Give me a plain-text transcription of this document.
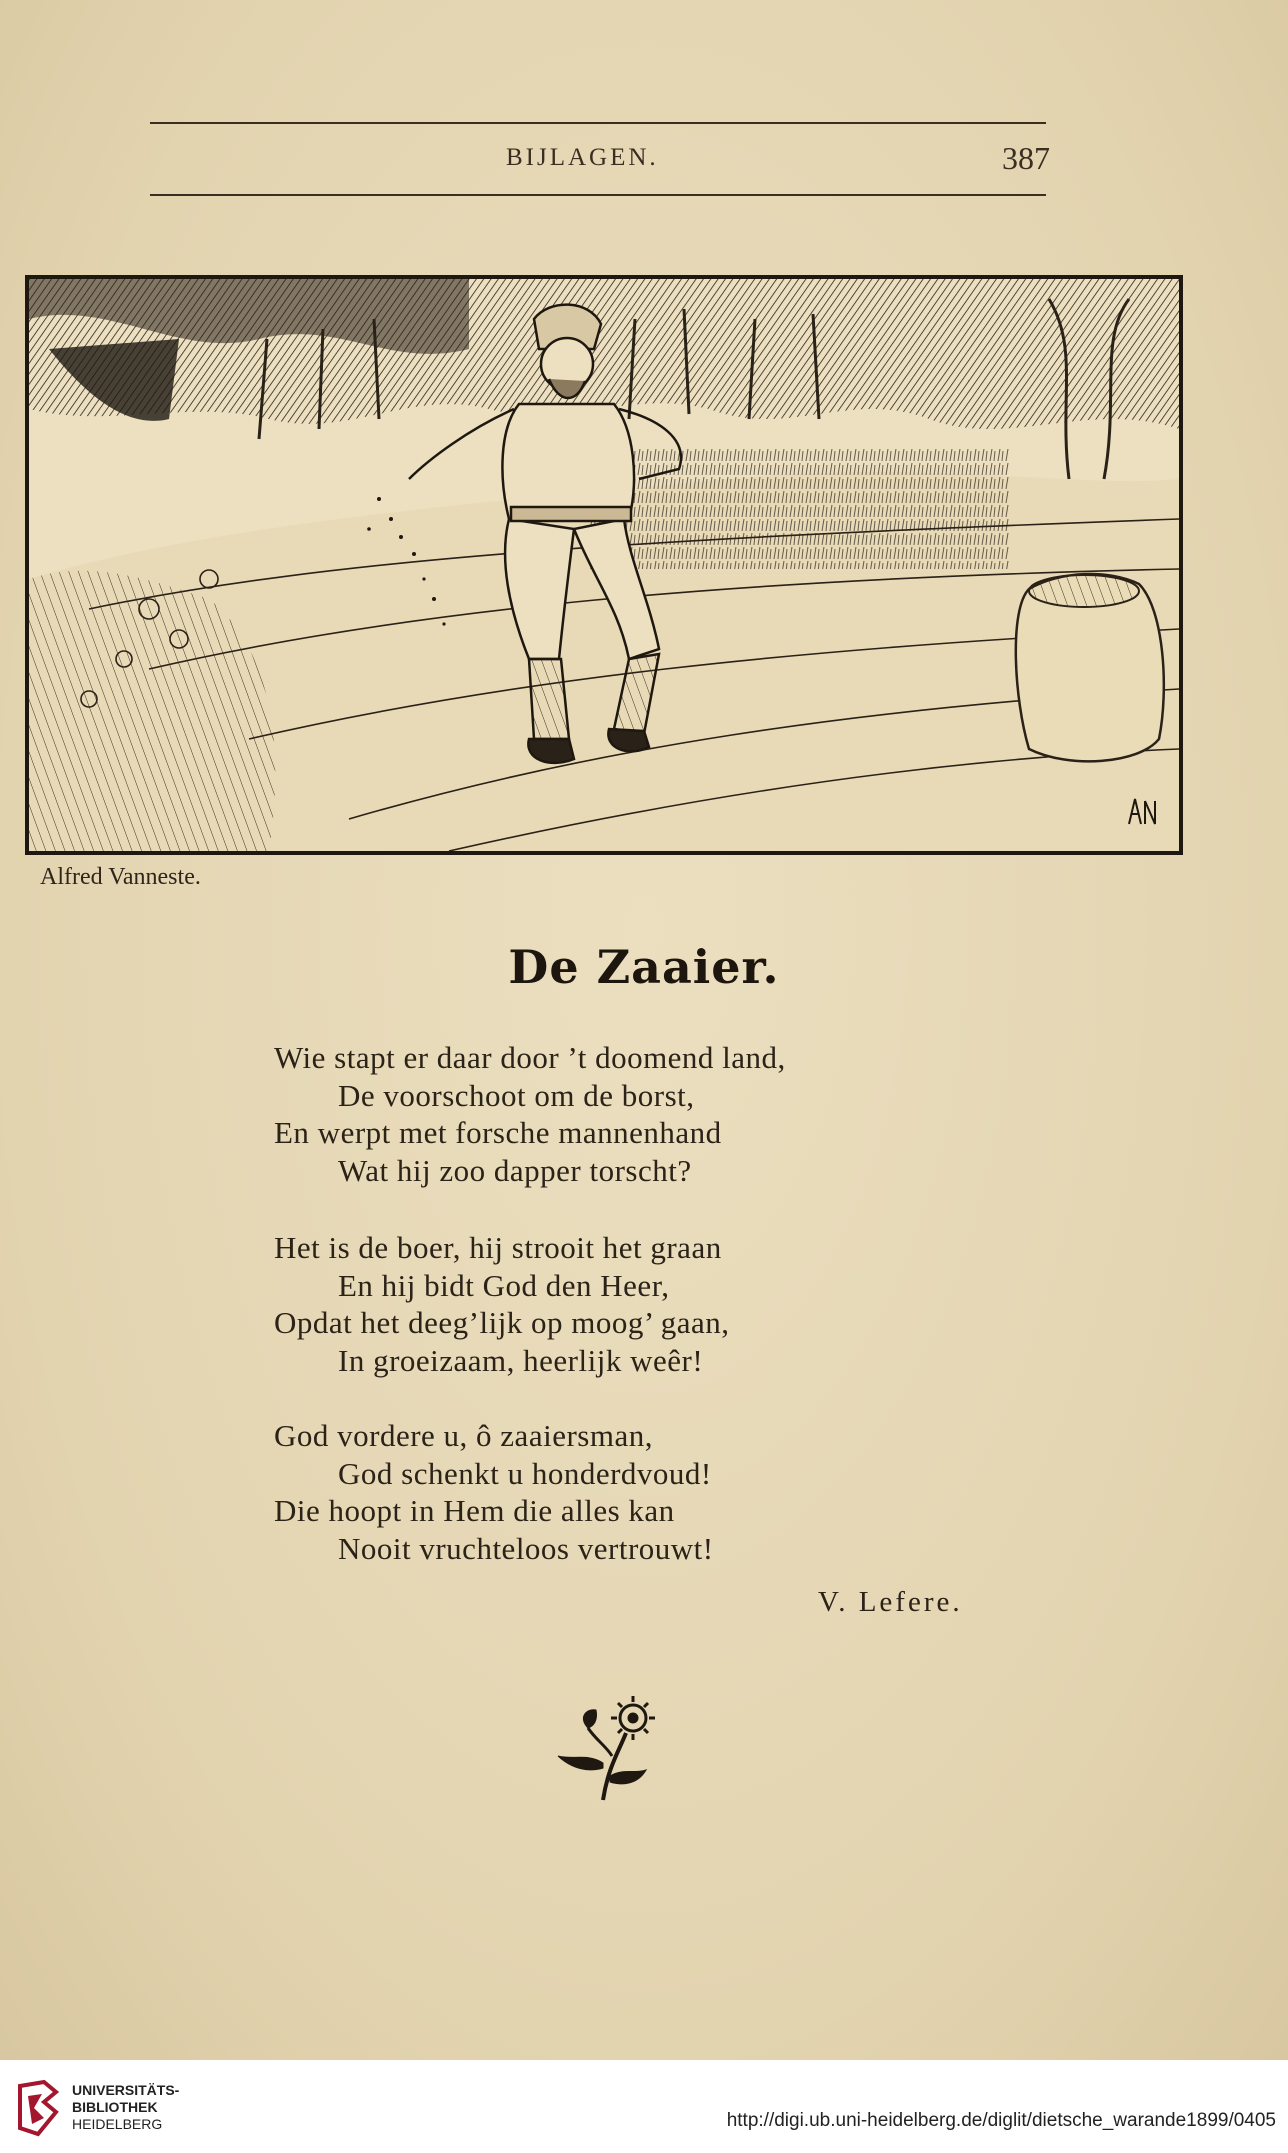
BIJLAGEN.	387
Alfred Vanneste.
De Zaaier.
Wie stapt er daar door ’t doomend land,
De voorschoot om de borst,
En werpt met forsche mannenhand
Wat hij zoo dapper torscht?
Het is de boer, hij strooit het graan
En hij bidt God den Heer,
Opdat het deeg’lijk op moog’ gaan,
In groeizaam, heerlijk weêr!
God vordere u, ô zaaiersman,
God schenkt u honderdvoud!
Die hoopt in Hem die alles kan
Nooit vruchteloos vertrouwt!
V. Lefere.
UNIVERSITÄTS-
BIBLIOTHEK
HEIDELBERG	http://digi.ub.uni-heidelberg.de/diglit/dietsche_warande1899/0405
